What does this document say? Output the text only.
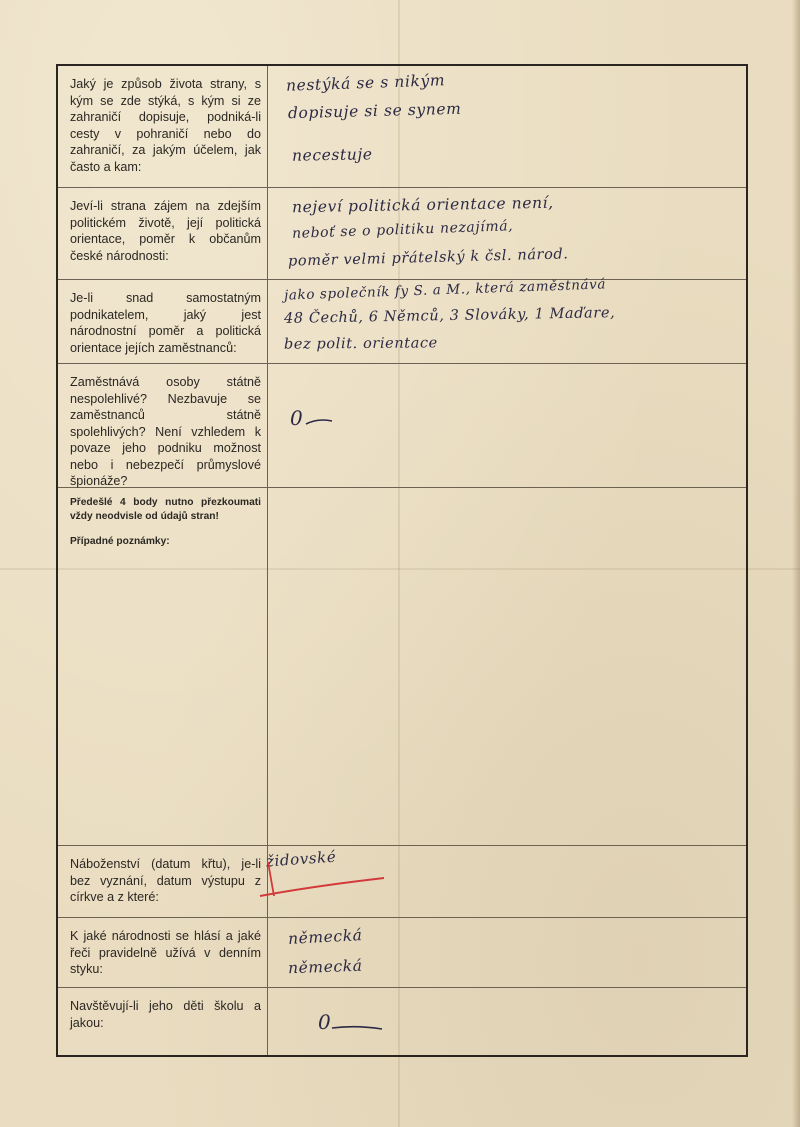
Jaký je způsob života strany, s kým se zde stýká, s kým si ze zahraničí dopisuje, podniká-li cesty v pohraničí nebo do zahraničí, za jakým účelem, jak často a kam:
nestýká se s nikým
dopisuje si se synem
necestuje
Jeví-li strana zájem na zdejším politickém životě, její politická orientace, poměr k občanům české národnosti:
nejeví politická orientace není,
neboť se o politiku nezajímá,
poměr velmi přátelský k čsl. národ.
Je-li snad samostatným podnikatelem, jaký jest národnostní poměr a politická orientace jejích zaměstnanců:
jako společník fy S. a M., která zaměstnává
48 Čechů, 6 Němců, 3 Slováky, 1 Maďare,
bez polit. orientace
Zaměstnává osoby státně nespolehlivé? Nezbavuje se zaměstnanců státně spolehlivých? Není vzhledem k povaze jeho podniku možnost nebo i nebezpečí průmyslové špionáže?
0
Předešlé 4 body nutno přezkoumati vždy neodvisle od údajů stran!
Případné poznámky:
Náboženství (datum křtu), je-li bez vyznání, datum výstupu z církve a z které:
židovské
K jaké národnosti se hlásí a jaké řeči pravidelně užívá v denním styku:
německá
německá
Navštěvují-li jeho děti školu a jakou:	0
